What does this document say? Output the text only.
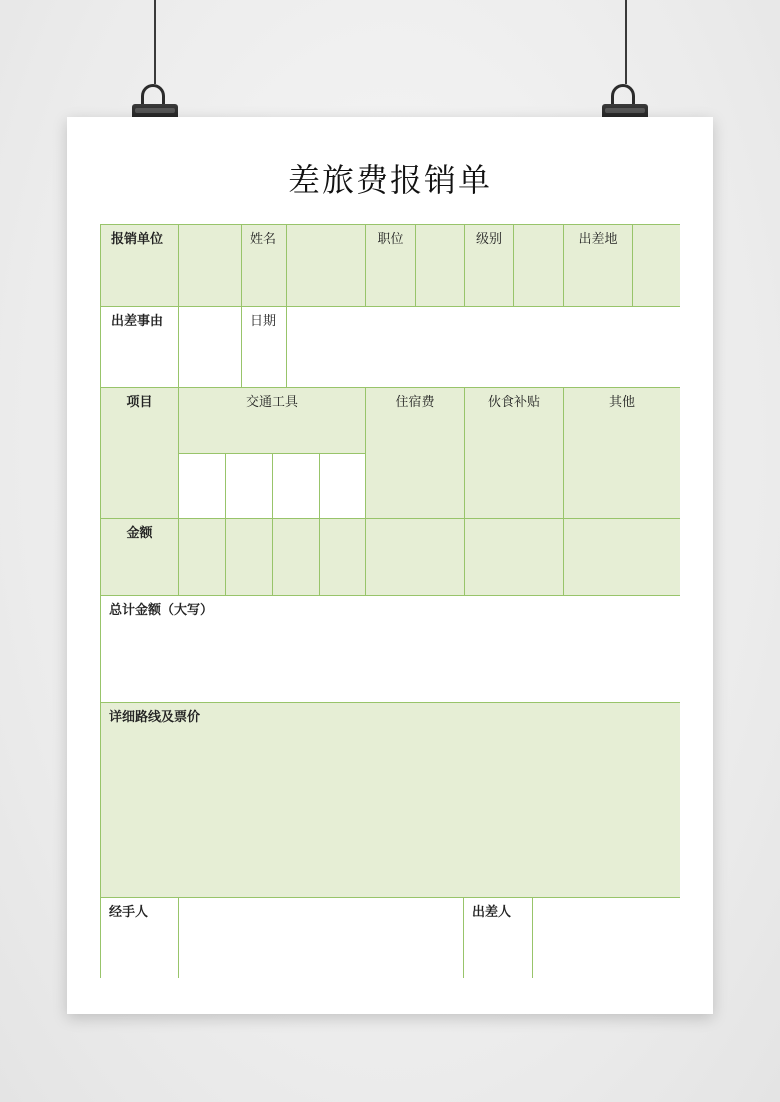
差旅费报销单
报销单位	姓名	职位	级别	出差地
出差事由	日期
项目	交通工具	住宿费	伙食补贴	其他
金额
总计金额（大写）
详细路线及票价
经手人	出差人
